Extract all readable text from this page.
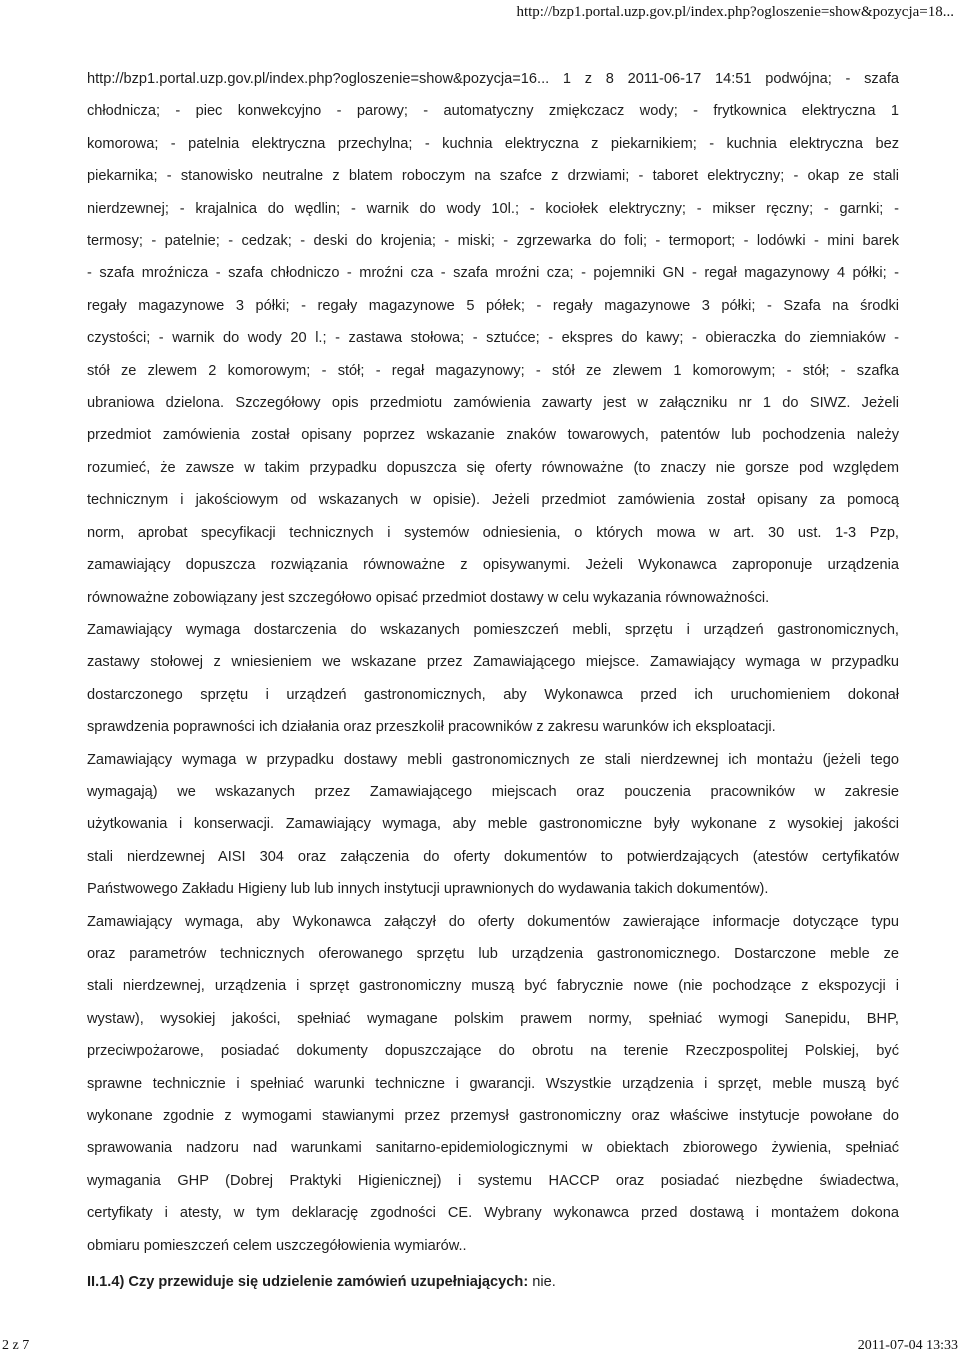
http://bzp1.portal.uzp.gov.pl/index.php?ogloszenie=show&pozycja=18...
http://bzp1.portal.uzp.gov.pl/index.php?ogloszenie=show&pozycja=16... 1 z 8 2011-06-17 14:51 podwójna; - szafa
chłodnicza; - piec konwekcyjno - parowy; - automatyczny zmiękczacz wody; - frytkownica elektryczna 1
komorowa; - patelnia elektryczna przechylna; - kuchnia elektryczna z piekarnikiem; - kuchnia elektryczna bez
piekarnika; - stanowisko neutralne z blatem roboczym na szafce z drzwiami; - taboret elektryczny; - okap ze stali
nierdzewnej; - krajalnica do wędlin; - warnik do wody 10l.; - kociołek elektryczny; - mikser ręczny; - garnki; -
termosy; - patelnie; - cedzak; - deski do krojenia; - miski; - zgrzewarka do foli; - termoport; - lodówki - mini barek
- szafa mroźnicza - szafa chłodniczo - mroźni cza - szafa mroźni cza; - pojemniki GN - regał magazynowy 4 półki; -
regały magazynowe 3 półki; - regały magazynowe 5 półek; - regały magazynowe 3 półki; - Szafa na środki
czystości; - warnik do wody 20 l.; - zastawa stołowa; - sztućce; - ekspres do kawy; - obieraczka do ziemniaków -
stół ze zlewem 2 komorowym; - stół; - regał magazynowy; - stół ze zlewem 1 komorowym; - stół; - szafka
ubraniowa dzielona. Szczegółowy opis przedmiotu zamówienia zawarty jest w załączniku nr 1 do SIWZ. Jeżeli
przedmiot zamówienia został opisany poprzez wskazanie znaków towarowych, patentów lub pochodzenia należy
rozumieć, że zawsze w takim przypadku dopuszcza się oferty równoważne (to znaczy nie gorsze pod względem
technicznym i jakościowym od wskazanych w opisie). Jeżeli przedmiot zamówienia został opisany za pomocą
norm, aprobat specyfikacji technicznych i systemów odniesienia, o których mowa w art. 30 ust. 1-3 Pzp,
zamawiający dopuszcza rozwiązania równoważne z opisywanymi. Jeżeli Wykonawca zaproponuje urządzenia
równoważne zobowiązany jest szczegółowo opisać przedmiot dostawy w celu wykazania równoważności.
Zamawiający wymaga dostarczenia do wskazanych pomieszczeń mebli, sprzętu i urządzeń gastronomicznych,
zastawy stołowej z wniesieniem we wskazane przez Zamawiającego miejsce. Zamawiający wymaga w przypadku
dostarczonego sprzętu i urządzeń gastronomicznych, aby Wykonawca przed ich uruchomieniem dokonał
sprawdzenia poprawności ich działania oraz przeszkolił pracowników z zakresu warunków ich eksploatacji.
Zamawiający wymaga w przypadku dostawy mebli gastronomicznych ze stali nierdzewnej ich montażu (jeżeli tego
wymagają) we wskazanych przez Zamawiającego miejscach oraz pouczenia pracowników w zakresie
użytkowania i konserwacji. Zamawiający wymaga, aby meble gastronomiczne były wykonane z wysokiej jakości
stali nierdzewnej AISI 304 oraz załączenia do oferty dokumentów to potwierdzających (atestów certyfikatów
Państwowego Zakładu Higieny lub lub innych instytucji uprawnionych do wydawania takich dokumentów).
Zamawiający wymaga, aby Wykonawca załączył do oferty dokumentów zawierające informacje dotyczące typu
oraz parametrów technicznych oferowanego sprzętu lub urządzenia gastronomicznego. Dostarczone meble ze
stali nierdzewnej, urządzenia i sprzęt gastronomiczny muszą być fabrycznie nowe (nie pochodzące z ekspozycji i
wystaw), wysokiej jakości, spełniać wymagane polskim prawem normy, spełniać wymogi Sanepidu, BHP,
przeciwpożarowe, posiadać dokumenty dopuszczające do obrotu na terenie Rzeczpospolitej Polskiej, być
sprawne technicznie i spełniać warunki techniczne i gwarancji. Wszystkie urządzenia i sprzęt, meble muszą być
wykonane zgodnie z wymogami stawianymi przez przemysł gastronomiczny oraz właściwe instytucje powołane do
sprawowania nadzoru nad warunkami sanitarno-epidemiologicznymi w obiektach zbiorowego żywienia, spełniać
wymagania GHP (Dobrej Praktyki Higienicznej) i systemu HACCP oraz posiadać niezbędne świadectwa,
certyfikaty i atesty, w tym deklarację zgodności CE. Wybrany wykonawca przed dostawą i montażem dokona
obmiaru pomieszczeń celem uszczegółowienia wymiarów..
II.1.4) Czy przewiduje się udzielenie zamówień uzupełniających: nie.
2 z 7	2011-07-04 13:33
